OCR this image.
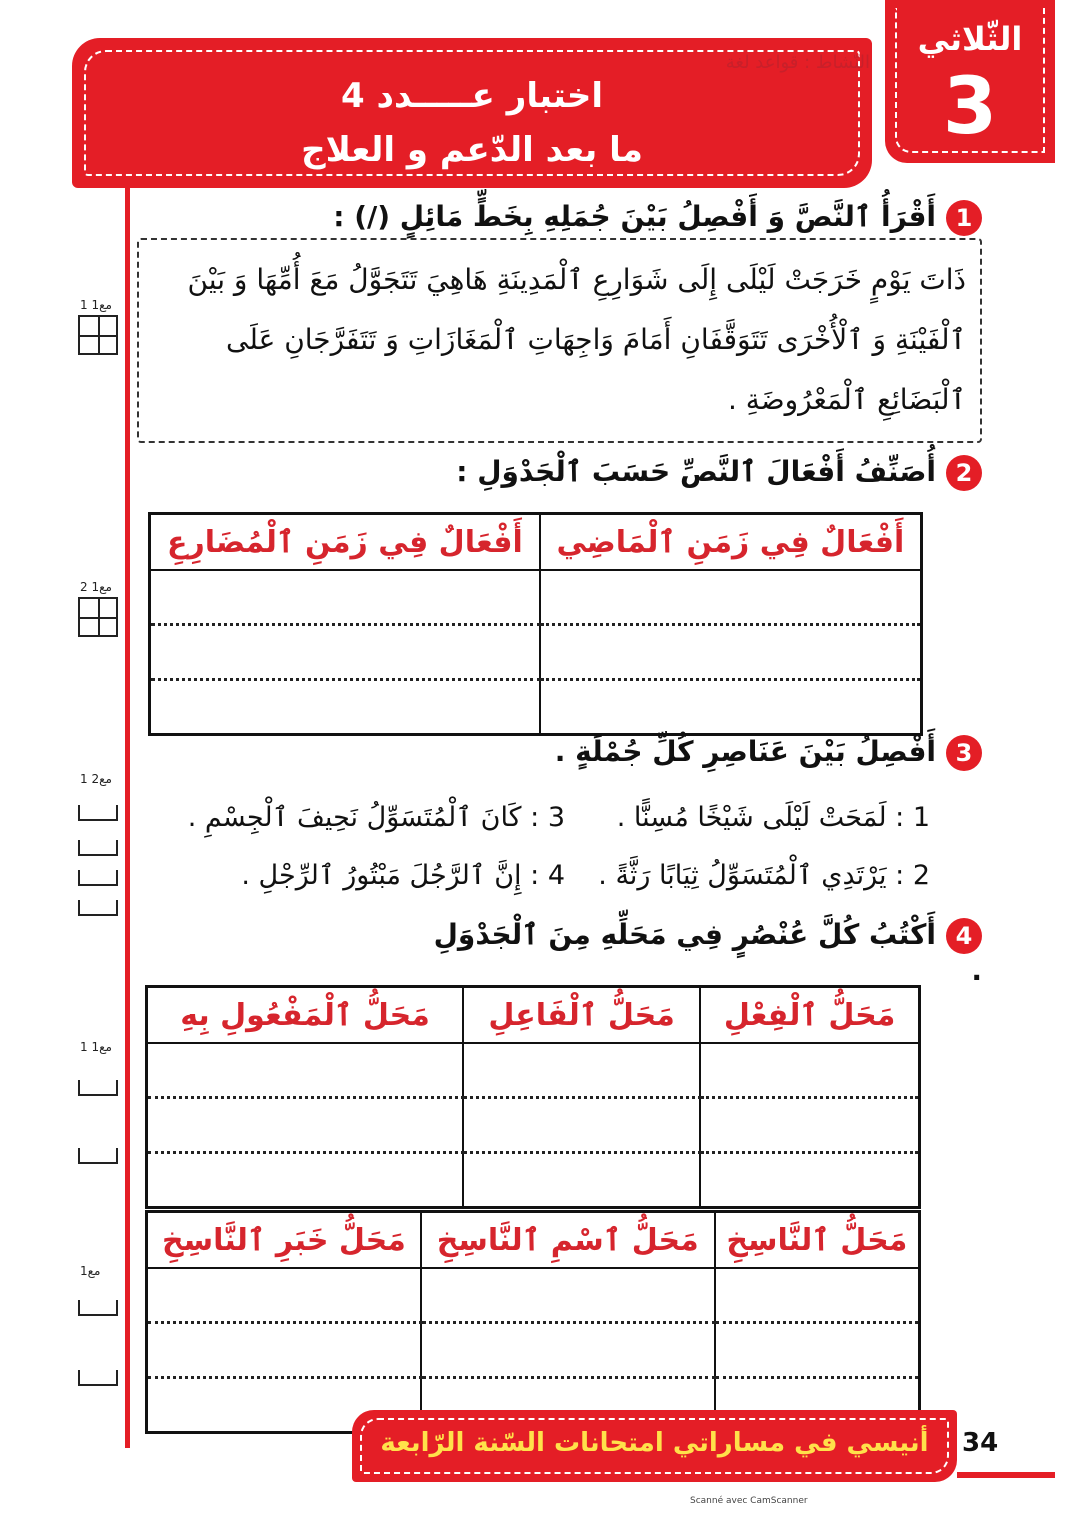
الثّلاثي
3
اختبار عـــــدد 4
ما بعد الدّعم و العلاج
النّشاط : قواعد لغة
1أَقْرَأُ ٱلنَّصَّ وَ أَفْصِلُ بَيْنَ جُمَلِهِ بِخَطٍّ مَائِلٍ (/) :
ذَاتَ يَوْمٍ خَرَجَتْ لَيْلَى إِلَى شَوَارِعِ ٱلْمَدِينَةِ هَاهِيَ تَتَجَوَّلُ مَعَ أُمِّهَا وَ بَيْنَ ٱلْفَيْنَةِ وَ ٱلْأُخْرَى تَتَوَقَّفَانِ أَمَامَ وَاجِهَاتِ ٱلْمَغَازَاتِ وَ تَتَفَرَّجَانِ عَلَى ٱلْبَضَائِعِ ٱلْمَعْرُوضَةِ .
2أُصَنِّفُ أَفْعَالَ ٱلنَّصِّ حَسَبَ ٱلْجَدْوَلِ :
أَفْعَالٌ فِي زَمَنِ ٱلْمُضَارِعِ	أَفْعَالٌ فِي زَمَنِ ٱلْمَاضِي

3أَفْصِلُ بَيْنَ عَنَاصِرِ كُلِّ جُمْلَةٍ .
1 : لَمَحَتْ لَيْلَى شَيْخًا مُسِنًّا .
3 : كَانَ ٱلْمُتَسَوِّلُ نَحِيفَ ٱلْجِسْمِ .
2 : يَرْتَدِي ٱلْمُتَسَوِّلُ ثِيَابًا رَثَّةً .
4 : إِنَّ ٱلرَّجُلَ مَبْتُورُ ٱلرِّجْلِ .
4أَكْتُبُ كُلَّ عُنْصُرٍ فِي مَحَلِّهِ مِنَ ٱلْجَدْوَلِ .
مَحَلُّ ٱلْمَفْعُولِ بِهِ	مَحَلُّ ٱلْفَاعِلِ	مَحَلُّ ٱلْفِعْلِ

مَحَلُّ خَبَرِ ٱلنَّاسِخِ	مَحَلُّ ٱسْمِ ٱلنَّاسِخِ	مَحَلُّ ٱلنَّاسِخِ

مع1 1
مع1 2
مع2 1
مع1 1
مع1
أنيسي في مساراتي امتحانات السّنة الرّابعة	34
Scanné avec CamScanner
